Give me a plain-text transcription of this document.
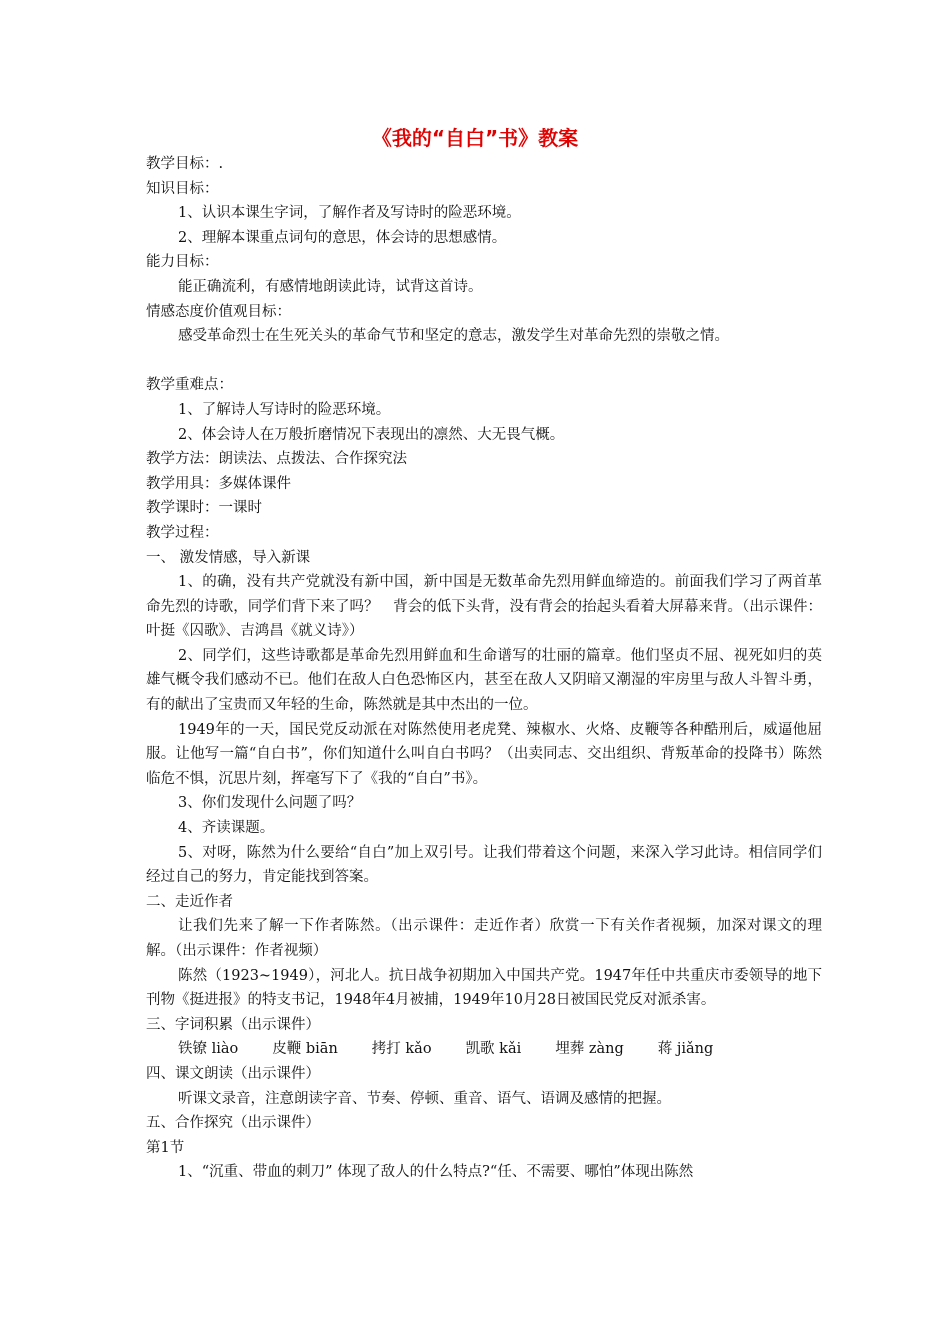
《我的“自白”书》教案

教学目标：.

知识目标：

1、认识本课生字词，了解作者及写诗时的险恶环境。

2、理解本课重点词句的意思，体会诗的思想感情。

能力目标：

能正确流利，有感情地朗读此诗，试背这首诗。

情感态度价值观目标：

感受革命烈士在生死关头的革命气节和坚定的意志，激发学生对革命先烈的崇敬之情。

教学重难点：

1、了解诗人写诗时的险恶环境。

2、体会诗人在万般折磨情况下表现出的凛然、大无畏气概。

教学方法：朗读法、点拨法、合作探究法

教学用具：多媒体课件

教学课时：一课时

教学过程：

一、 激发情感，导入新课

1、的确，没有共产党就没有新中国，新中国是无数革命先烈用鲜血缔造的。前面我们学习了两首革命先烈的诗歌，同学们背下来了吗？　背会的低下头背，没有背会的抬起头看着大屏幕来背。（出示课件：叶挺《囚歌》、吉鸿昌《就义诗》）

2、同学们，这些诗歌都是革命先烈用鲜血和生命谱写的壮丽的篇章。他们坚贞不屈、视死如归的英雄气概令我们感动不已。他们在敌人白色恐怖区内，甚至在敌人又阴暗又潮湿的牢房里与敌人斗智斗勇，有的献出了宝贵而又年轻的生命，陈然就是其中杰出的一位。

1949年的一天，国民党反动派在对陈然使用老虎凳、辣椒水、火烙、皮鞭等各种酷刑后，威逼他屈服。让他写一篇“自白书”，你们知道什么叫自白书吗？（出卖同志、交出组织、背叛革命的投降书）陈然临危不惧，沉思片刻，挥毫写下了《我的“自白”书》。

3、你们发现什么问题了吗？

4、齐读课题。

5、对呀，陈然为什么要给“自白”加上双引号。让我们带着这个问题，来深入学习此诗。相信同学们经过自己的努力，肯定能找到答案。

二、走近作者

让我们先来了解一下作者陈然。（出示课件：走近作者）欣赏一下有关作者视频，加深对课文的理解。（出示课件：作者视频）

陈然（1923~1949），河北人。抗日战争初期加入中国共产党。1947年任中共重庆市委领导的地下刊物《挺进报》的特支书记，1948年4月被捕，1949年10月28日被国民党反对派杀害。

三、字词积累（出示课件）

铁镣 liào 皮鞭 biān 拷打 kǎo 凯歌 kǎi 埋葬 zàng 蒋 jiǎng

四、课文朗读（出示课件）

听课文录音，注意朗读字音、节奏、停顿、重音、语气、语调及感情的把握。

五、合作探究（出示课件）

第1节

1、“沉重、带血的刺刀” 体现了敌人的什么特点?“任、不需要、哪怕”体现出陈然
